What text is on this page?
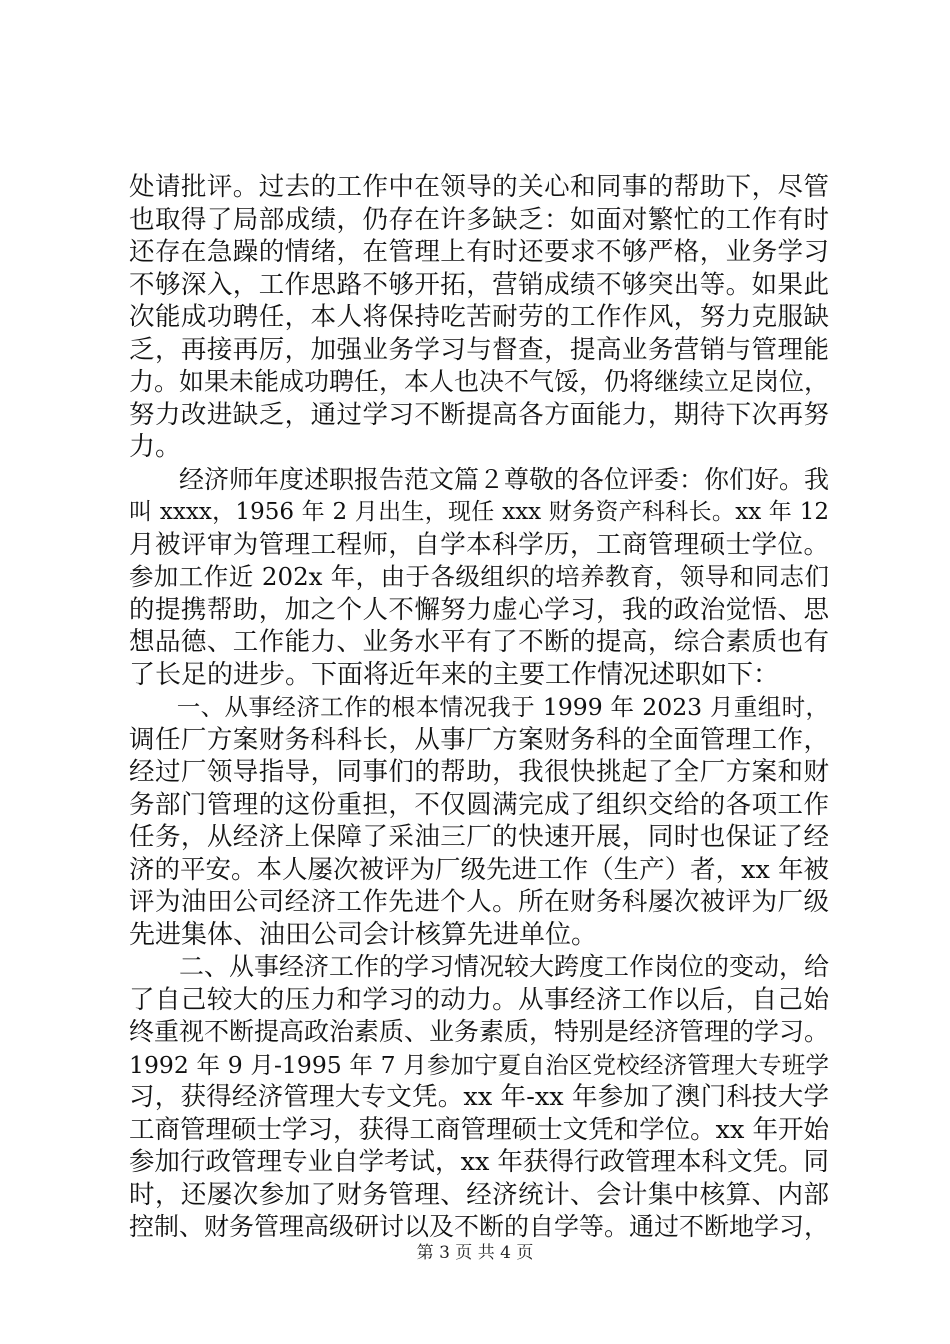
处请批评。过去的工作中在领导的关心和同事的帮助下，尽管
也取得了局部成绩，仍存在许多缺乏：如面对繁忙的工作有时
还存在急躁的情绪，在管理上有时还要求不够严格，业务学习
不够深入，工作思路不够开拓，营销成绩不够突出等。如果此
次能成功聘任，本人将保持吃苦耐劳的工作作风，努力克服缺
乏，再接再厉，加强业务学习与督查，提高业务营销与管理能
力。如果未能成功聘任，本人也决不气馁，仍将继续立足岗位，
努力改进缺乏，通过学习不断提高各方面能力，期待下次再努
力。
　　经济师年度述职报告范文篇２尊敬的各位评委：你们好。我
叫 xxxx，1956 年 2 月出生，现任 xxx 财务资产科科长。xx 年 12
月被评审为管理工程师，自学本科学历，工商管理硕士学位。
参加工作近 202x 年，由于各级组织的培养教育，领导和同志们
的提携帮助，加之个人不懈努力虚心学习，我的政治觉悟、思
想品德、工作能力、业务水平有了不断的提高，综合素质也有
了长足的进步。下面将近年来的主要工作情况述职如下：
　　一、从事经济工作的根本情况我于 1999 年 2023 月重组时，
调任厂方案财务科科长，从事厂方案财务科的全面管理工作，
经过厂领导指导，同事们的帮助，我很快挑起了全厂方案和财
务部门管理的这份重担，不仅圆满完成了组织交给的各项工作
任务，从经济上保障了采油三厂的快速开展，同时也保证了经
济的平安。本人屡次被评为厂级先进工作（生产）者，xx 年被
评为油田公司经济工作先进个人。所在财务科屡次被评为厂级
先进集体、油田公司会计核算先进单位。
　　二、从事经济工作的学习情况较大跨度工作岗位的变动，给
了自己较大的压力和学习的动力。从事经济工作以后，自己始
终重视不断提高政治素质、业务素质，特别是经济管理的学习。
1992 年 9 月-1995 年 7 月参加宁夏自治区党校经济管理大专班学
习，获得经济管理大专文凭。xx 年-xx 年参加了澳门科技大学
工商管理硕士学习，获得工商管理硕士文凭和学位。xx 年开始
参加行政管理专业自学考试，xx 年获得行政管理本科文凭。同
时，还屡次参加了财务管理、经济统计、会计集中核算、内部
控制、财务管理高级研讨以及不断的自学等。通过不断地学习，
第 3 页 共 4 页
